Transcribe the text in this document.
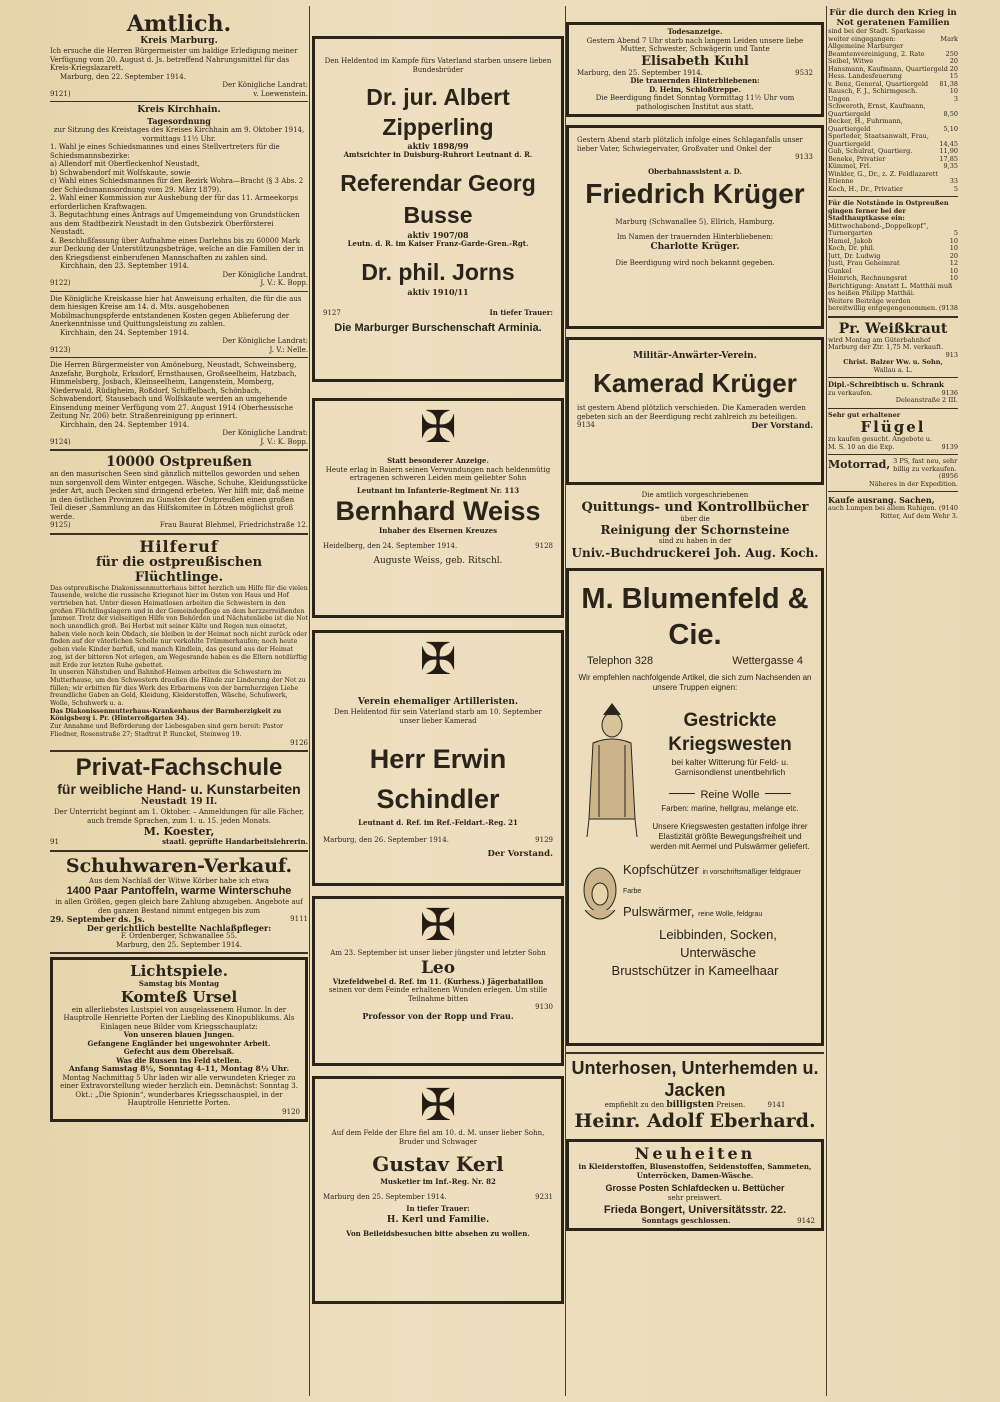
Amtlich.
Kreis Marburg.

Ich ersuche die Herren Bürgermeister um baldige Erledigung meiner Verfügung vom 20. August d. Js. betreffend Nahrungsmittel für das Kreis-Kriegslazarett.

Marburg, den 22. September 1914.

Der Königliche Landrat:

9121)	v. Loewenstein.
Kreis Kirchhain.
Tagesordnung

zur Sitzung des Kreistages des Kreises Kirchhain am 9. Oktober 1914, vormittags 11½ Uhr.

1. Wahl je eines Schiedsmannes und eines Stellvertreters für die Schiedsmannsbezirke:
a) Allendorf mit Oberfleckenhof Neustadt,
b) Schwabendorf mit Wolfskaute, sowie
c) Wahl eines Schiedsmannes für den Bezirk Wohra—Bracht (§ 3 Abs. 2 der Schiedsmannsordnung vom 29. März 1879).
2. Wahl einer Kommission zur Aushebung der für das 11. Armeekorps erforderlichen Kraftwagen.
3. Begutachtung eines Antrags auf Umgemeindung von Grundstücken aus dem Stadtbezirk Neustadt in den Gutsbezirk Oberförsterei Neustadt.
4. Beschlußfassung über Aufnahme eines Darlehns bis zu 60000 Mark zur Deckung der Unterstützungsbeträge, welche an die Familien der in den Kriegsdienst einberufenen Mannschaften zu zahlen sind.

Kirchhain, den 23. September 1914.

Der Königliche Landrat.

9122)	J. V.: K. Bopp.

Die Königliche Kreiskasse hier hat Anweisung erhalten, die für die aus dem hiesigen Kreise am 14. d. Mts. ausgehobenen Mobilmachungspferde entstandenen Kosten gegen Ablieferung der Anerkenntnisse und Quittungsleistung zu zahlen.

Kirchhain, den 24. September 1914.

Der Königliche Landrat:

9123)	J. V.: Nelle.

Die Herren Bürgermeister von Amöneburg, Neustadt, Schweinsberg, Anzefahr, Burgholz, Erksdorf, Ernsthausen, Großseelheim, Hatzbach, Himmelsberg, Josbach, Kleinseelheim, Langenstein, Momberg, Niederwald, Rüdigheim, Roßdorf, Schiffelbach, Schönbach, Schwabendorf, Stausebach und Wolfskaute werden an umgehende Einsendung meiner Verfügung vom 27. August 1914 (Oberhessische Zeitung Nr. 206) betr. Straßenreinigung pp erinnert.

Kirchhain, den 24. September 1914.

Der Königliche Landrat:

9124)	J. V.: K. Bopp.
10000 Ostpreußen

an den masurischen Seen sind gänzlich mittellos geworden und sehen nun sorgenvoll dem Winter entgegen. Wäsche, Schuhe, Kleidungsstücke jeder Art, auch Decken sind dringend erbeten. Wer hilft mir, daß meine in den östlichen Provinzen zu Gunsten der Ostpreußen einen großen Teil dieser ‚Sammlung an das Hilfskomitee in Lötzen möglichst groß werde.

9125)	Frau Baurat Blehmel, Friedrichstraße 12.
Hilferuf
für die ostpreußischen Flüchtlinge.

Das ostpreußische Diakonissenmutterhaus bittet herzlich um Hilfe für die vielen Tausende, welche die russische Kriegsnot hier im Osten von Haus und Hof vertrieben hat. Unter diesen Heimatlosen arbeiten die Schwestern in den großen Flüchtlingslagern und in der Gemeindepflege an dem herzzerreißenden Jammer. Trotz der vielseitigen Hilfe von Behörden und Nächstenliebe ist die Not noch unendlich groß. Bei Herbst mit seiner Kälte und Regen nun einsetzt, haben viele noch kein Obdach, sie bleiben in der Heimat noch nicht zurück oder finden auf der väterlichen Scholle nur verkohlte Trümmerhaufen; noch heute gehen viele Kinder barfuß, und manch Kindlein, das gesund aus der Heimat zog, ist der bitteren Not erlegen, am Wegesrande haben es die Eltern notdürftig mit Erde zur letzten Ruhe gebettet.
In unseren Nähstuben und Bahnhof-Heimen arbeiten die Schwestern im Mutterhause, um den Schwestern draußen die Hände zur Linderung der Not zu füllen; wir erbitten für dies Werk des Erbarmens von der barmherzigen Liebe freundliche Gaben an Geld, Kleidung, Kleiderstoffen, Wäsche, Schuhwerk, Wolle, Schuhwerk u. a.

Das Diakonissenmutterhaus-Krankenhaus der Barmherzigkeit zu Königsberg i. Pr. (Hinterroßgarten 34).

Zur Annahme und Beförderung der Liebesgaben sind gern bereit: Pastor Fliedner, Rosenstraße 27; Stadtrat P. Runckel, Steinweg 19.

9126

Privat-Fachschule
für weibliche Hand- u. Kunstarbeiten
Neustadt 19 II.

Der Unterricht beginnt am 1. Oktober. – Anmeldungen für alle Fächer, auch fremde Sprachen, zum 1. u. 15. jeden Monats.

M. Koester,
91	staatl. geprüfte Handarbeitslehrerin.
Schuhwaren-Verkauf.

Aus dem Nachlaß der Witwe Körber habe ich etwa

1400 Paar Pantoffeln, warme Winterschuhe

in allen Größen, gegen gleich bare Zahlung abzugeben. Angebote auf den ganzen Bestand nimmt entgegen bis zum

29. September ds. Js.	9111

Der gerichtlich bestellte Nachlaßpfleger:

F. Ordenberger, Schwanallee 55.

Marburg, den 25. September 1914.

Lichtspiele.

Samstag bis Montag

Komteß Ursel

ein allerliebstes Lustspiel von ausgelassenem Humor. In der Hauptrolle Henriette Porten der Liebling des Kinopublikums. Als Einlagen neue Bilder vom Kriegsschauplatz:

Von unseren blauen Jungen.
Gefangene Engländer bei ungewohnter Arbeit.
Gefecht aus dem Oberelsaß.
Was die Russen ins Feld stellen.

Anfang Samstag 8½, Sonntag 4–11, Montag 8½ Uhr.

Montag Nachmittag 5 Uhr laden wir alle verwundeten Krieger zu einer Extravorstellung wieder herzlich ein. Demnächst: Sonntag 3. Okt.: „Die Spionin“, wunderbares Kriegsschauspiel, in der Hauptrolle Henriette Porten.

9120

Den Heldentod im Kampfe fürs Vaterland starben unsere lieben Bundesbrüder

Dr. jur. Albert Zipperling

aktiv 1898/99

Amtsrichter in Duisburg-Ruhrort Leutnant d. R.

Referendar Georg Busse

aktiv 1907/08

Leutn. d. R. im Kaiser Franz-Garde-Gren.-Rgt.

Dr. phil. Jorns

aktiv 1910/11

9127	In tiefer Trauer:
Die Marburger Burschenschaft Arminia.
✠

Statt besonderer Anzeige.

Heute erlag in Baiern seinen Verwundungen nach heldenmütig ertragenen schweren Leiden mein geliebter Sohn

Leutnant im Infanterie-Regiment Nr. 113

Bernhard Weiss

Inhaber des Eisernen Kreuzes

Heidelberg, den 24. September 1914.	9128

Auguste Weiss, geb. Ritschl.

✠

Verein ehemaliger Artilleristen.

Den Heldentod für sein Vaterland starb am 10. September unser lieber Kamerad

Herr Erwin Schindler

Leutnant d. Ref. im Ref.-Feldart.-Reg. 21

Marburg, den 26. September 1914.	9129

Der Vorstand.

✠

Am 23. September ist unser lieber jüngster und letzter Sohn

Leo

Vizefeldwebel d. Ref. im 11. (Kurhess.) Jägerbataillon

seinen vor dem Feinde erhaltenen Wunden erlegen. Um stille Teilnahme bitten

9130

Professor von der Ropp und Frau.

✠

Auf dem Felde der Ehre fiel am 10. d. M. unser lieber Sohn, Bruder und Schwager

Gustav Kerl

Musketier im Inf.-Reg. Nr. 82

Marburg den 25. September 1914.	9231

In tiefer Trauer:

H. Kerl und Familie.

Von Beileidsbesuchen bitte absehen zu wollen.

Todesanzeige.

Gestern Abend 7 Uhr starb nach langem Leiden unsere liebe Mutter, Schwester, Schwägerin und Tante

Elisabeth Kuhl
Marburg, den 25. September 1914.	9532

Die trauernden Hinterbliebenen:

D. Heim, Schloßtreppe.

Die Beerdigung findet Sonntag Vormittag 11½ Uhr vom pathologischen Institut aus statt.

Gestern Abend starb plötzlich infolge eines Schlaganfalls unser lieber Vater, Schwiegervater, Großvater und Onkel der

9133

Oberbahnassistent a. D.

Friedrich Krüger

Marburg (Schwanallee 5), Ellrich, Hamburg.

Im Namen der trauernden Hinterbliebenen:

Charlotte Krüger.

Die Beerdigung wird noch bekannt gegeben.

Militär-Anwärter-Verein.

Kamerad Krüger

ist gestern Abend plötzlich verschieden. Die Kameraden werden gebeten sich an der Beerdigung recht zahlreich zu beteiligen.

9134	Der Vorstand.

Die amtlich vorgeschriebenen

Quittungs- und Kontrollbücher

über die

Reinigung der Schornsteine

sind zu haben in der

Univ.-Buchdruckerei Joh. Aug. Koch.
M. Blumenfeld & Cie.
Telephon 328	Wettergasse 4

Wir empfehlen nachfolgende Artikel, die sich zum Nachsenden an unsere Truppen eignen:

Gestrickte Kriegswesten

bei kalter Witterung für Feld- u. Garnisondienst unentbehrlich

Reine Wolle

Farben: marine, hellgrau, melange etc.

Unsere Kriegswesten gestatten infolge ihrer Elastizität größte Bewegungsfreiheit und werden mit Aermel und Pulswärmer geliefert.

Kopfschützer in vorschriftsmäßiger feldgrauer Farbe
Pulswärmer, reine Wolle, feldgrau
Leibbinden, Socken,
Unterwäsche
Brustschützer in Kameelhaar
Unterhosen, Unterhemden u. Jacken
empfiehlt zu den billigsten Preisen.	9141
Heinr. Adolf Eberhard.
Neuheiten

in Kleiderstoffen, Blusenstoffen, Seidenstoffen, Sammeten, Unterröcken, Damen-Wäsche.

Grosse Posten Schlafdecken u. Bettücher

sehr preiswert.

Frieda Bongert, Universitätsstr. 22.
Sonntags geschlossen.	9142
Für die durch den Krieg in Not geratenen Familien
sind bei der Stadt. Sparkasse weiter eingegangen:	Mark
Allgemeine Marburger Beamtenvereinigung, 2. Rate	250
Seibel, Witwe	20
Hansmann, Kaufmann, Quartiergeld 20
Hess. Landesfeuerung	15
v. Benz, General, Quartiergeld 81,38
Rausch, F. J., Schirmgesch.	10
Ungen	3
Schweroth, Ernst, Kaufmann, Quartiergeld	8,50
Becker, H., Fuhrmann, Quartiergeld	5,10
Sporleder, Staatsanwalt, Frau, Quartiergeld	14,45
Gub, Schulrat, Quartierg.	11,90
Beneke, Privatier	17,85
Kümmel, Frl.	9,35
Winkler, G., Dr., z. Z. Feldlazarett Etienne	33
Koch, H., Dr., Privatier	5

Für die Notstände in Ostpreußen gingen ferner bei der Stadthauptkasse ein:

Mittwochabend-„Doppelkopf“, Turnergarten	5
Hamel, Jakob	10
Koch, Dr. phil.	10
Jutt, Dr. Ludwig	20
Justi, Frau Geheimrat	12
Gunkel	10
Heinrich, Rechnungsrat	10

Berichtigung: Anstatt L. Matthäi muß es heißen Philipp Matthäi.

Weitere Beiträge werden bereitwillig entgegengenommen. (9138
Pr. Weißkraut

wird Montag am Güterbahnhof Marburg der Ztr. 1,75 M. verkauft.

913

Christ. Balzer Ww. u. Sohn,

Wallau a. L.

Dipl.-Schreibtisch u. Schrank

zu verkaufen.	9136

Deleanstraße 2 III.

Sehr gut erhaltener

Flügel
zu kaufen gesucht. Angebote u. M. S. 10 an die Exp.	9139
Motorrad, 3 PS, fast neu, sehr billig zu verkaufen.

(8956

Näheres in der Expedition.

Kaufe ausrang. Sachen,

auch Lumpen bei allem Ruhigen. (9140

Ritter, Auf dem Wehr 3.
